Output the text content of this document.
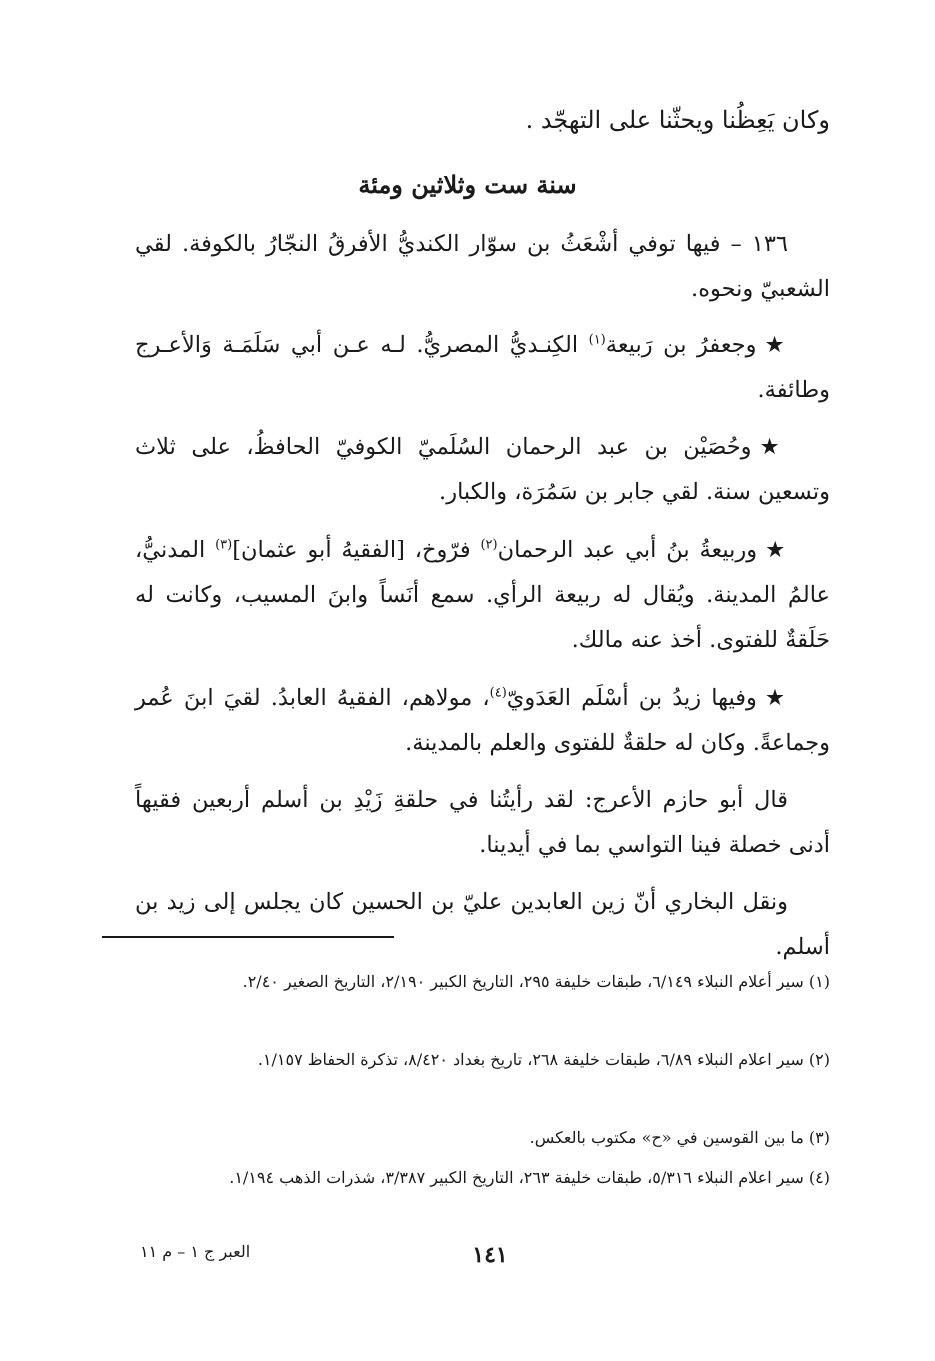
وكان يَعِظُنا ويحثّنا على التهجّد .
سنة ست وثلاثين ومئة
١٣٦ – فيها توفي أشْعَثُ بن سوّار الكنديُّ الأفرقُ النجّارُ بالكوفة. لقي الشعبيّ ونحوه.
★وجعفرُ بن رَبيعة$^{(١)}$ الكِنـديُّ المصريُّ. لـه عـن أبي سَلَمَـة وَالأعـرج وطائفة.
★وحُصَيْن بن عبد الرحمان السُلَميّ الكوفيّ الحافظُ، على ثلاث وتسعين سنة. لقي جابر بن سَمُرَة، والكبار.
★وربيعةُ بنُ أبي عبد الرحمان$^{(٢)}$ فرّوخ، [الفقيهُ أبو عثمان]$^{(٣)}$ المدنيُّ، عالمُ المدينة. ويُقال له ربيعة الرأي. سمع أنَساً وابنَ المسيب، وكانت له حَلَقةٌ للفتوى. أخذ عنه مالك.
★وفيها زيدُ بن أسْلَم العَدَويّ$^{(٤)}$، مولاهم، الفقيهُ العابدُ. لقيَ ابنَ عُمر وجماعةً. وكان له حلقةٌ للفتوى والعلم بالمدينة.
قال أبو حازم الأعرج: لقد رأيتُنا في حلقةِ زَيْدِ بن أسلم أربعين فقيهاً أدنى خصلة فينا التواسي بما في أيدينا.
ونقل البخاري أنّ زين العابدين عليّ بن الحسين كان يجلس إلى زيد بن أسلم.
(١) سير أعلام النبلاء ٦/١٤٩، طبقات خليفة ٢٩٥، التاريخ الكبير ٢/١٩٠، التاريخ الصغير ٢/٤٠.
(٢) سير اعلام النبلاء ٦/٨٩، طبقات خليفة ٢٦٨، تاريخ بغداد ٨/٤٢٠، تذكرة الحفاظ ١/١٥٧.
(٣) ما بين القوسين في «ح» مكتوب بالعكس.
(٤) سير اعلام النبلاء ٥/٣١٦، طبقات خليفة ٢٦٣، التاريخ الكبير ٣/٣٨٧، شذرات الذهب ١/١٩٤.
١٤١
العبر ج ١ – م ١١
